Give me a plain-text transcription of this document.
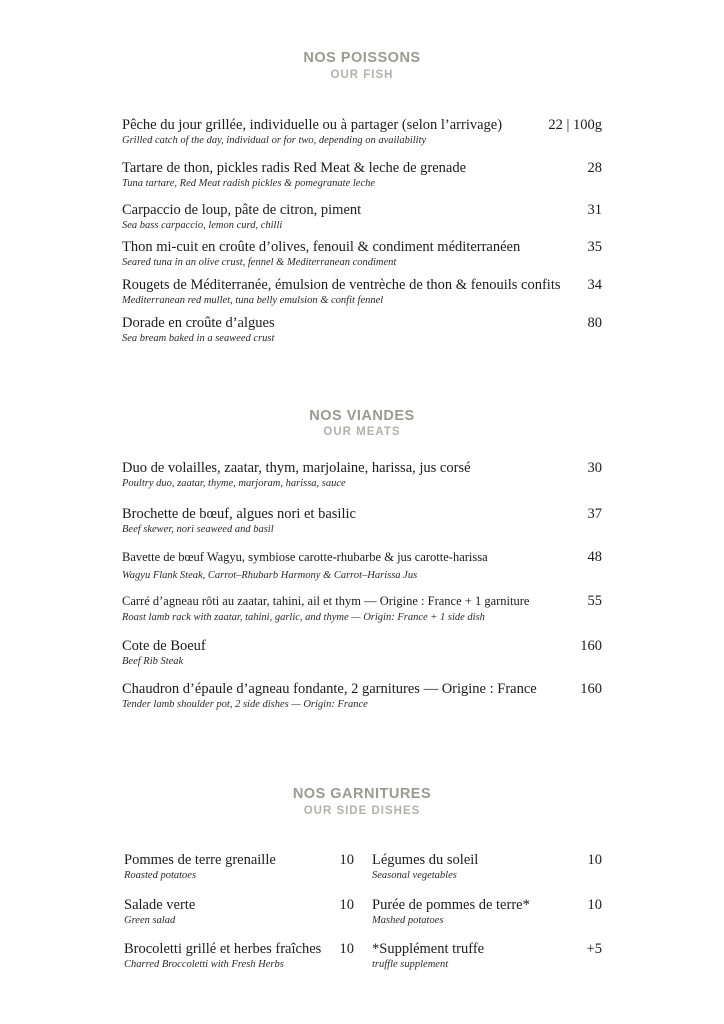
NOS POISSONS
OUR FISH
Pêche du jour grillée, individuelle ou à partager (selon l’arrivage)
Grilled catch of the day, individual or for two, depending on availability
22 | 100g
Tartare de thon, pickles radis Red Meat & leche de grenade
Tuna tartare, Red Meat radish pickles & pomegranate leche
28
Carpaccio de loup, pâte de citron, piment
Sea bass carpaccio, lemon curd, chilli
31
Thon mi-cuit en croûte d’olives, fenouil & condiment méditerranéen
Seared tuna in an olive crust, fennel & Mediterranean condiment
35
Rougets de Méditerranée, émulsion de ventrèche de thon & fenouils confits
Mediterranean red mullet, tuna belly emulsion & confit fennel
34
Dorade en croûte d’algues
Sea bream baked in a seaweed crust
80
NOS VIANDES
OUR MEATS
Duo de volailles, zaatar, thym, marjolaine, harissa, jus corsé
Poultry duo, zaatar, thyme, marjoram, harissa, sauce
30
Brochette de bœuf, algues nori et basilic
Beef skewer, nori seaweed and basil
37
Bavette de bœuf Wagyu, symbiose carotte-rhubarbe & jus carotte-harissa
Wagyu Flank Steak, Carrot–Rhubarb Harmony & Carrot–Harissa Jus
48
Carré d’agneau rôti au zaatar, tahini, ail et thym — Origine : France + 1 garniture
Roast lamb rack with zaatar, tahini, garlic, and thyme — Origin: France + 1 side dish
55
Cote de Boeuf
Beef Rib Steak
160
Chaudron d’épaule d’agneau fondante, 2 garnitures — Origine : France
Tender lamb shoulder pot, 2 side dishes — Origin: France
160
NOS GARNITURES
OUR SIDE DISHES
Pommes de terre grenaille
Roasted potatoes
10
Salade verte
Green salad
10
Brocoletti grillé et herbes fraîches
Charred Broccoletti with Fresh Herbs
10
Légumes du soleil
Seasonal vegetables
10
Purée de pommes de terre*
Mashed potatoes
10
*Supplément truffe
truffle supplement
+5
